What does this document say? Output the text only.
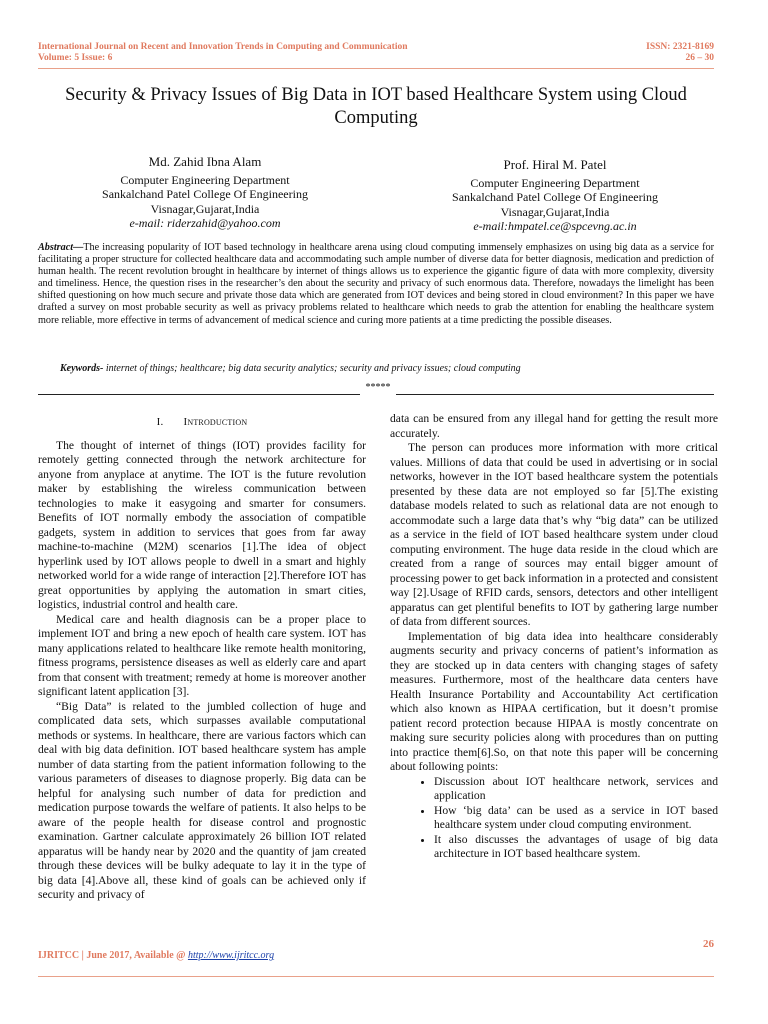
International Journal on Recent and Innovation Trends in Computing and Communication
Volume: 5 Issue: 6
ISSN: 2321-8169
26 – 30
Security & Privacy Issues of Big Data in IOT based Healthcare System using Cloud Computing
Md. Zahid Ibna Alam
Computer Engineering Department
Sankalchand Patel College Of Engineering
Visnagar,Gujarat,India
e-mail: riderzahid@yahoo.com
Prof. Hiral M. Patel
Computer Engineering Department
Sankalchand Patel College Of Engineering
Visnagar,Gujarat,India
e-mail:hmpatel.ce@spcevng.ac.in
Abstract—The increasing popularity of IOT based technology in healthcare arena using cloud computing immensely emphasizes on using big data as a service for facilitating a proper structure for collected healthcare data and accommodating such ample number of diverse data for better diagnosis, medication and prediction of human health. The recent revolution brought in healthcare by internet of things allows us to experience the gigantic figure of data with more complexity, diversity and timeliness. Hence, the question rises in the researcher’s den about the security and privacy of such enormous data. Therefore, nowadays the limelight has been shifted questioning on how much secure and private those data which are generated from IOT devices and being stored in cloud environment? In this paper we have drafted a survey on most probable security as well as privacy problems related to healthcare which needs to grab the attention for enabling the healthcare system more reliable, more effective in terms of advancement of medical science and curing more patients at a time predicting the possible diseases.
Keywords- internet of things; healthcare; big data security analytics; security and privacy issues; cloud computing
*****
I. Introduction

The thought of internet of things (IOT) provides facility for remotely getting connected through the network architecture for anyone from anyplace at anytime. The IOT is the future revolution maker by establishing the wireless communication between technologies to make it easygoing and smarter for consumers. Benefits of IOT normally embody the association of compatible gadgets, system in addition to services that goes from far away machine-to-machine (M2M) scenarios [1].The idea of object hyperlink used by IOT allows people to dwell in a smart and highly networked world for a wide range of interaction [2].Therefore IOT has great opportunities by applying the automation in smart cities, logistics, industrial control and health care.

Medical care and health diagnosis can be a proper place to implement IOT and bring a new epoch of health care system. IOT has many applications related to healthcare like remote health monitoring, fitness programs, persistence diseases as well as elderly care and apart from that consent with treatment; remedy at home is moreover another significant latent application [3].

“Big Data” is related to the jumbled collection of huge and complicated data sets, which surpasses available computational methods or systems. In healthcare, there are various factors which can deal with big data definition. IOT based healthcare system has ample number of data starting from the patient information following to the various parameters of diseases to diagnose properly. Big data can be helpful for analysing such number of data for prediction and medication purpose towards the welfare of patients. It also helps to be aware of the people health for disease control and prognostic examination. Gartner calculate approximately 26 billion IOT related apparatus will be handy near by 2020 and the quantity of jam created through these devices will be bulky adequate to lay it in the type of big data [4].Above all, these kind of goals can be achieved only if security and privacy of

data can be ensured from any illegal hand for getting the result more accurately.

The person can produces more information with more critical values. Millions of data that could be used in advertising or in social networks, however in the IOT based healthcare system the potentials presented by these data are not employed so far [5].The existing database models related to such as relational data are not enough to accommodate such a large data that’s why “big data” can be utilized as a service in the field of IOT based healthcare system under cloud computing environment. The huge data reside in the cloud which are created from a range of sources may entail bigger amount of processing power to get back information in a protected and consistent way [2].Usage of RFID cards, sensors, detectors and other intelligent apparatus can get plentiful benefits to IOT by gathering large number of data from different sources.

Implementation of big data idea into healthcare considerably augments security and privacy concerns of patient’s information as they are stocked up in data centers with changing stages of safety measures. Furthermore, most of the healthcare data centers have Health Insurance Portability and Accountability Act certification which also known as HIPAA certification, but it doesn’t promise patient record protection because HIPAA is mostly concentrate on making sure security policies along with procedures than on putting into practice them[6].So, on that note this paper will be concerning about following points:

• Discussion about IOT healthcare network, services and application
• How ‘big data’ can be used as a service in IOT based healthcare system under cloud computing environment.
• It also discusses the advantages of usage of big data architecture in IOT based healthcare system.
26
IJRITCC | June 2017, Available @ http://www.ijritcc.org
